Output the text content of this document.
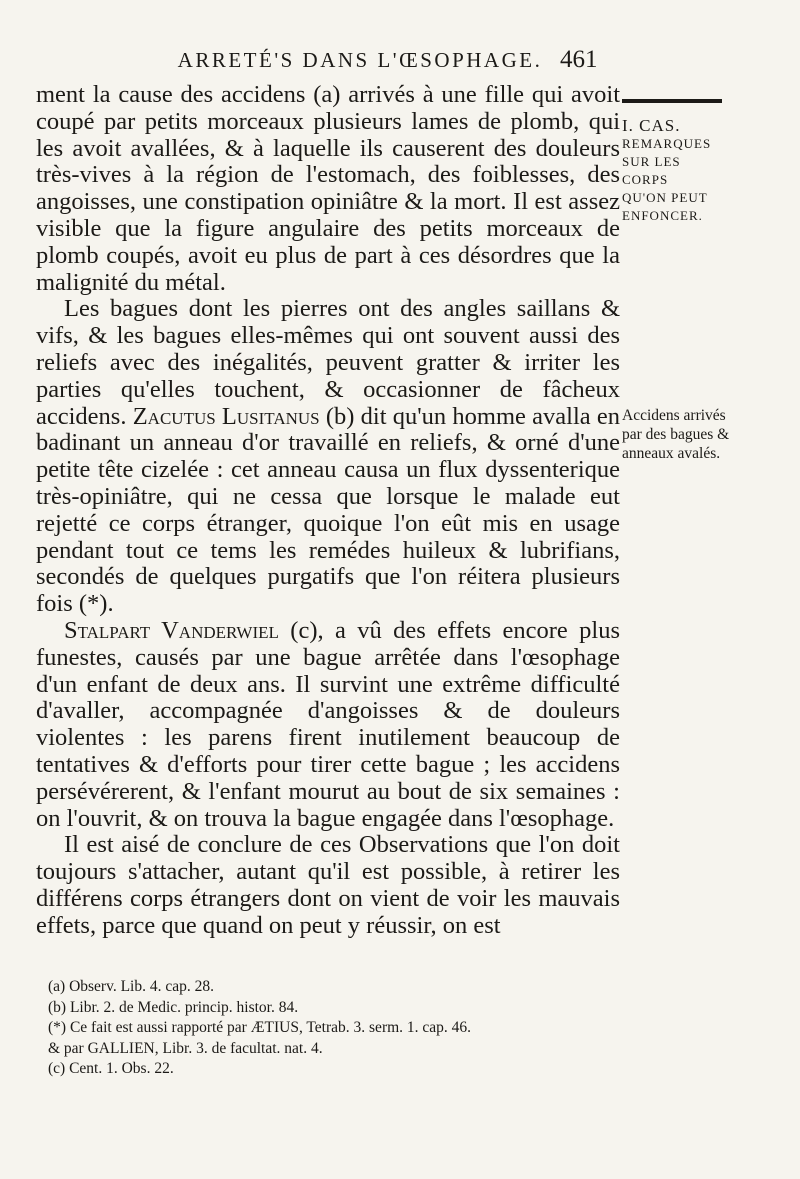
ARRETÉ'S DANS L'ŒSOPHAGE. 461
I. CAS.
REMARQUES
SUR LES CORPS
QU'ON PEUT
ENFONCER.
Accidens arrivés par des bagues & anneaux avalés.

ment la cause des accidens (a) arrivés à une fille qui avoit coupé par petits morceaux plusieurs lames de plomb, qui les avoit avallées, & à laquelle ils causerent des douleurs très-vives à la région de l'estomach, des foiblesses, des angoisses, une constipation opiniâtre & la mort. Il est assez visible que la figure angulaire des petits morceaux de plomb coupés, avoit eu plus de part à ces désordres que la malignité du métal.

Les bagues dont les pierres ont des angles saillans & vifs, & les bagues elles-mêmes qui ont souvent aussi des reliefs avec des inégalités, peuvent gratter & irriter les parties qu'elles touchent, & occasionner de fâcheux accidens. Zacutus Lusitanus (b) dit qu'un homme avalla en badinant un anneau d'or travaillé en reliefs, & orné d'une petite tête cizelée : cet anneau causa un flux dyssenterique très-opiniâtre, qui ne cessa que lorsque le malade eut rejetté ce corps étranger, quoique l'on eût mis en usage pendant tout ce tems les remédes huileux & lubrifians, secondés de quelques purgatifs que l'on réitera plusieurs fois (*).

Stalpart Vanderwiel (c), a vû des effets encore plus funestes, causés par une bague arrêtée dans l'œsophage d'un enfant de deux ans. Il survint une extrême difficulté d'avaller, accompagnée d'angoisses & de douleurs violentes : les parens firent inutilement beaucoup de tentatives & d'efforts pour tirer cette bague ; les accidens persévérerent, & l'enfant mourut au bout de six semaines : on l'ouvrit, & on trouva la bague engagée dans l'œsophage.

Il est aisé de conclure de ces Observations que l'on doit toujours s'attacher, autant qu'il est possible, à retirer les différens corps étrangers dont on vient de voir les mauvais effets, parce que quand on peut y réussir, on est

(a) Observ. Lib. 4. cap. 28.
(b) Libr. 2. de Medic. princip. histor. 84.
(*) Ce fait est aussi rapporté par ÆTIUS, Tetrab. 3. serm. 1. cap. 46.
& par GALLIEN, Libr. 3. de facultat. nat. 4.
(c) Cent. 1. Obs. 22.
